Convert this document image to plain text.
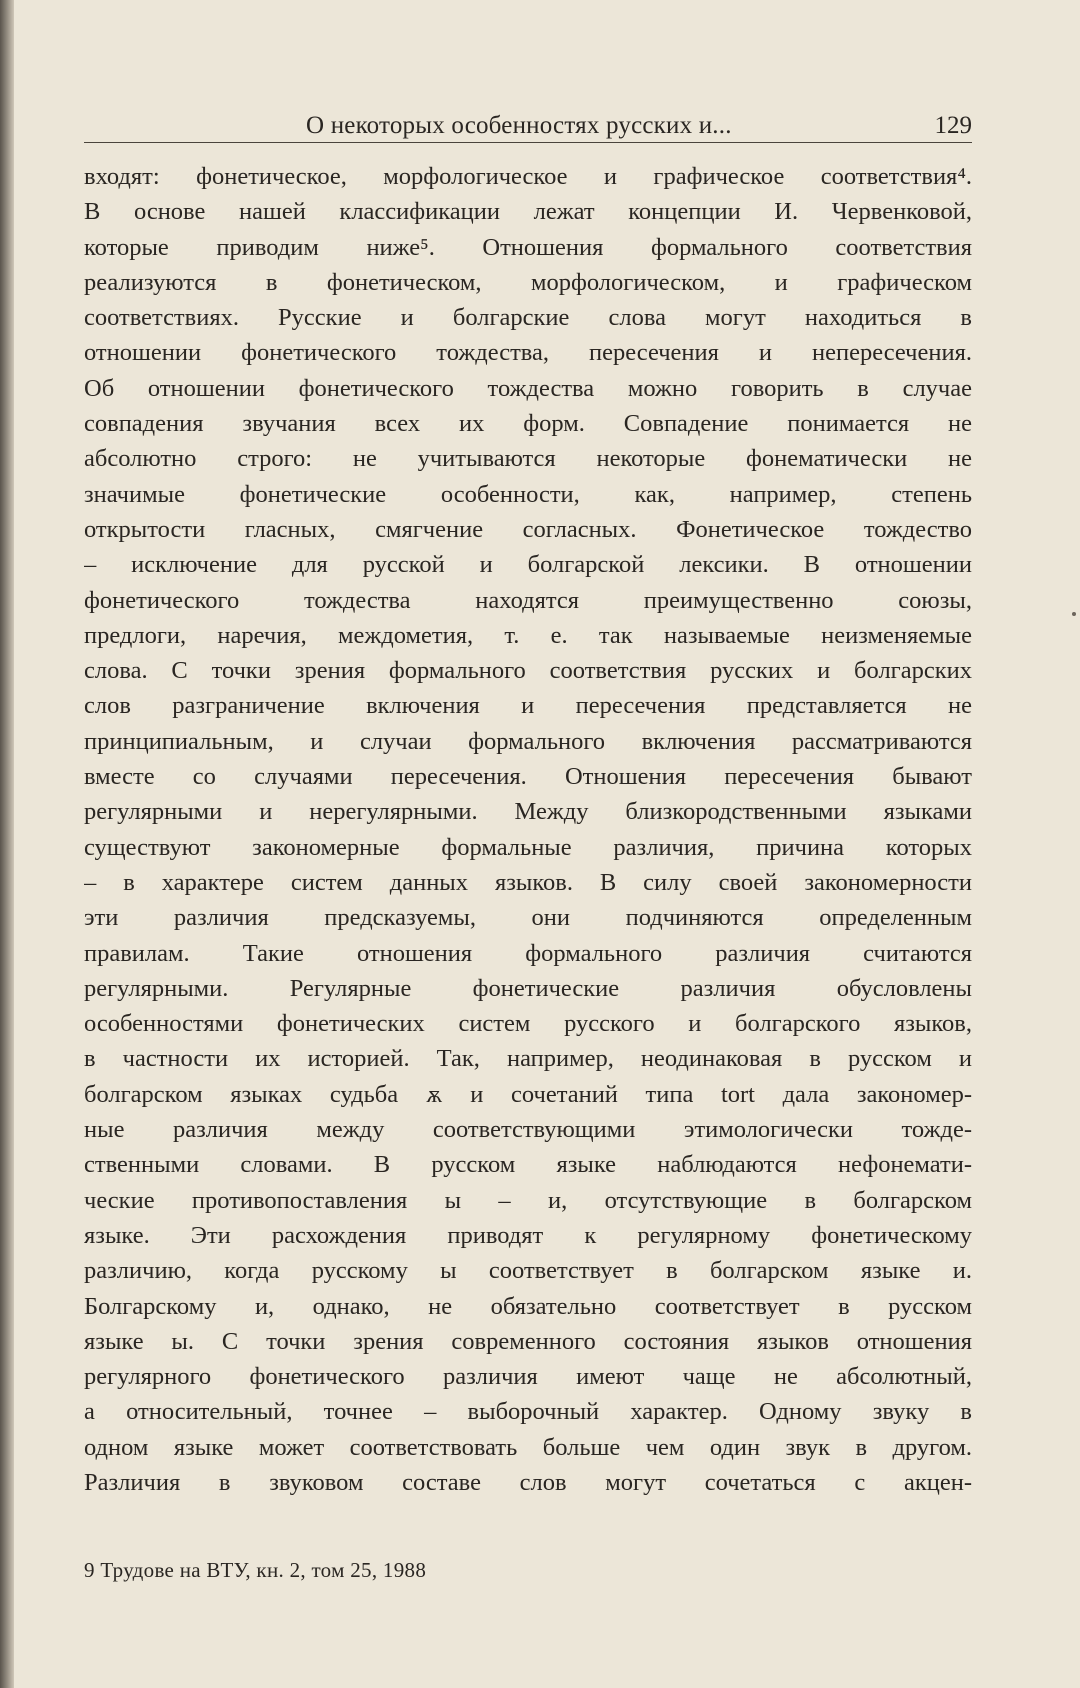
О некоторых особенностях русских и...	129
входят: фонетическое, морфологическое и графическое соответствия⁴.
В основе нашей классификации лежат концепции И. Червенковой,
которые приводим ниже⁵. Отношения формального соответствия
реализуются в фонетическом, морфологическом, и графическом
соответствиях. Русские и болгарские слова могут находиться в
отношении фонетического тождества, пересечения и непересечения.
Об отношении фонетического тождества можно говорить в случае
совпадения звучания всех их форм. Совпадение понимается не
абсолютно строго: не учитываются некоторые фонематически не
значимые фонетические особенности, как, например, степень
открытости гласных, смягчение согласных. Фонетическое тождество
– исключение для русской и болгарской лексики. В отношении
фонетического тождества находятся преимущественно союзы,
предлоги, наречия, междометия, т. е. так называемые неизменяемые
слова. С точки зрения формального соответствия русских и болгарских
слов разграничение включения и пересечения представляется не
принципиальным, и случаи формального включения рассматриваются
вместе со случаями пересечения. Отношения пересечения бывают
регулярными и нерегулярными. Между близкородственными языками
существуют закономерные формальные различия, причина которых
– в характере систем данных языков. В силу своей закономерности
эти различия предсказуемы, они подчиняются определенным
правилам. Такие отношения формального различия считаются
регулярными. Регулярные фонетические различия обусловлены
особенностями фонетических систем русского и болгарского языков,
в частности их историей. Так, например, неодинаковая в русском и
болгарском языках судьба ѫ и сочетаний типа tort дала закономер-
ные различия между соответствующими этимологически тожде-
ственными словами. В русском языке наблюдаются нефонемати-
ческие противопоставления ы – и, отсутствующие в болгарском
языке. Эти расхождения приводят к регулярному фонетическому
различию, когда русскому ы соответствует в болгарском языке и.
Болгарскому и, однако, не обязательно соответствует в русском
языке ы. С точки зрения современного состояния языков отношения
регулярного фонетического различия имеют чаще не абсолютный,
а относительный, точнее – выборочный характер. Одному звуку в
одном языке может соответствовать больше чем один звук в другом.
Различия в звуковом составе слов могут сочетаться с акцен-
9 Трудове на ВТУ, кн. 2, том 25, 1988
